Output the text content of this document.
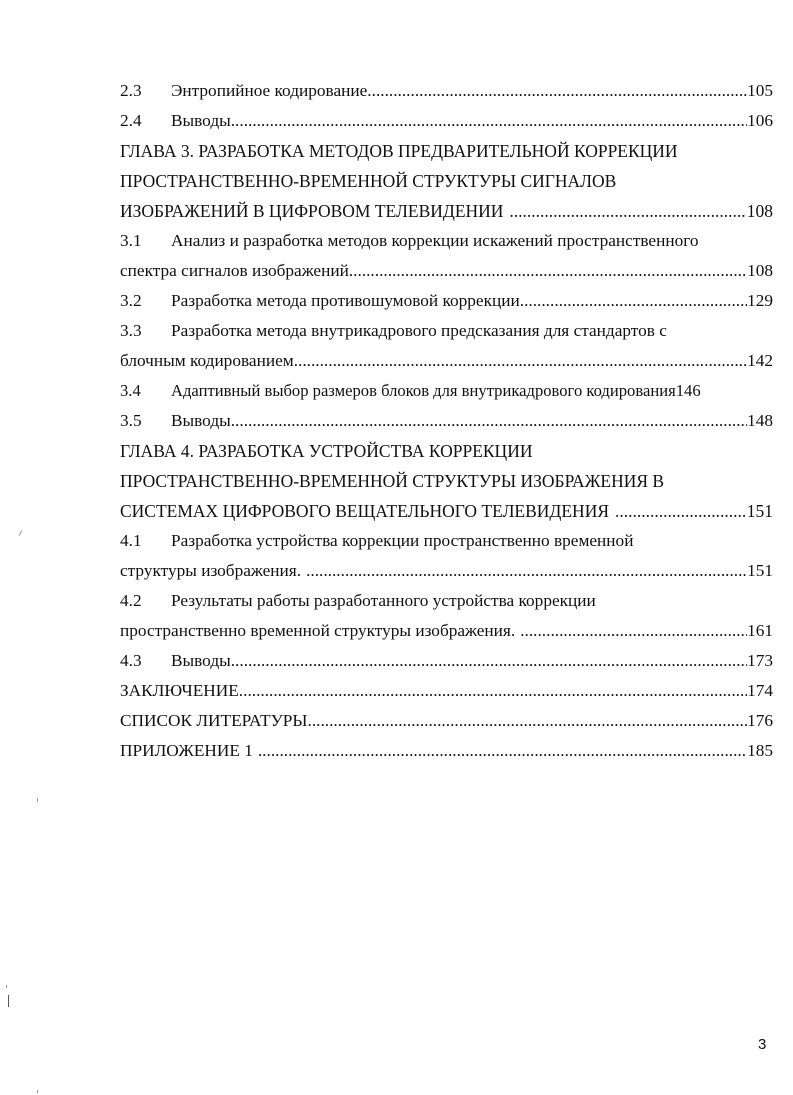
2.3	Энтропийное кодирование .....	105
2.4	Выводы .....	106
ГЛАВА 3. РАЗРАБОТКА МЕТОДОВ ПРЕДВАРИТЕЛЬНОЙ КОРРЕКЦИИ
ПРОСТРАНСТВЕННО-ВРЕМЕННОЙ СТРУКТУРЫ СИГНАЛОВ
ИЗОБРАЖЕНИЙ В ЦИФРОВОМ ТЕЛЕВИДЕНИИ .....	108
3.1	Анализ и разработка методов коррекции искажений пространственного
спектра сигналов изображений .....	108
3.2	Разработка метода противошумовой коррекции .....	129
3.3	Разработка метода внутрикадрового предсказания для стандартов с
блочным кодированием .....	142
3.4	Адаптивный выбор размеров блоков для внутрикадрового кодирования 146
3.5	Выводы .....	148
ГЛАВА 4. РАЗРАБОТКА УСТРОЙСТВА КОРРЕКЦИИ
ПРОСТРАНСТВЕННО-ВРЕМЕННОЙ СТРУКТУРЫ ИЗОБРАЖЕНИЯ В
СИСТЕМАХ ЦИФРОВОГО ВЕЩАТЕЛЬНОГО ТЕЛЕВИДЕНИЯ .....	151
4.1	Разработка устройства коррекции пространственно временной
структуры изображения. .....	151
4.2	Результаты работы разработанного устройства коррекции
пространственно временной структуры изображения. .....	161
4.3	Выводы .....	173
ЗАКЛЮЧЕНИЕ .....	174
СПИСОК ЛИТЕРАТУРЫ .....	176
ПРИЛОЖЕНИЕ 1 .....	185
3
